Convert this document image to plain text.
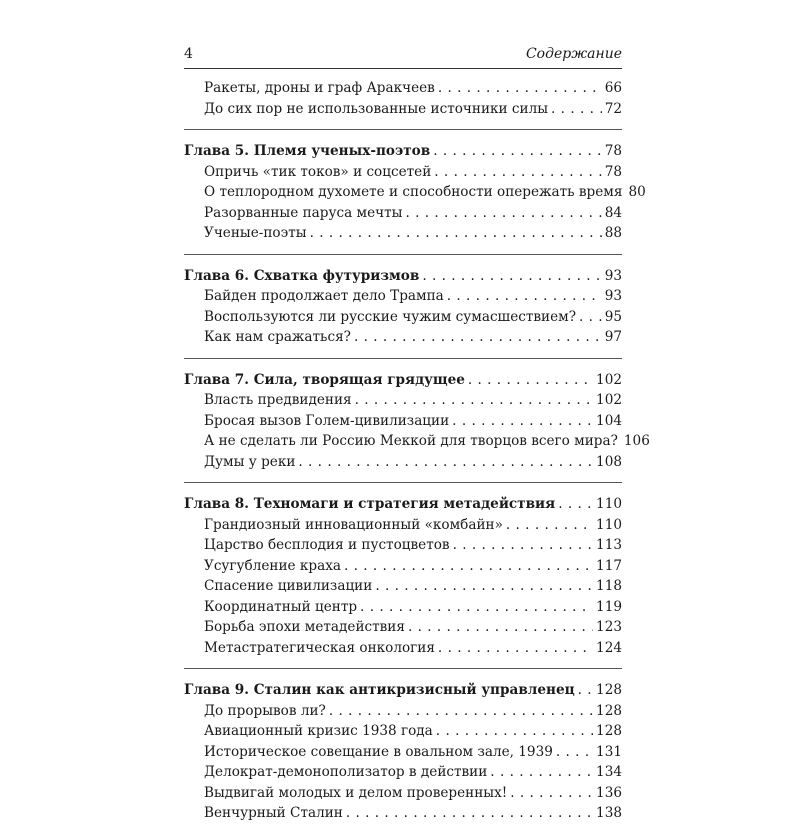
4	Содержание
Ракеты, дроны и граф Аракчеев . . .	66
До сих пор не использованные источники силы . . .	72
Глава 5. Племя ученых-поэтов . . .	78
Опричь «тик токов» и соцсетей . . .	78
О теплородном духомете и способности опережать время 80
Разорванные паруса мечты . . .	84
Ученые-поэты . . .	88
Глава 6. Схватка футуризмов . . .	93
Байден продолжает дело Трампа . . .	93
Воспользуются ли русские чужим сумасшествием? . . . 95
Как нам сражаться? . . .	97
Глава 7. Сила, творящая грядущее . . .	102
Власть предвидения . . .	102
Бросая вызов Голем-цивилизации . . .	104
А не сделать ли Россию Меккой для творцов всего мира? 106
Думы у реки . . .	108
Глава 8. Техномаги и стратегия метадействия . . .	110
Грандиозный инновационный «комбайн» . . .	110
Царство бесплодия и пустоцветов . . .	113
Усугубление краха . . .	117
Спасение цивилизации . . .	118
Координатный центр . . .	119
Борьба эпохи метадействия . . .	123
Метастратегическая онкология . . .	124
Глава 9. Сталин как антикризисный управленец . . . 128
До прорывов ли? . . .	128
Авиационный кризис 1938 года . . .	128
Историческое совещание в овальном зале, 1939 . . .	131
Делократ-демонополизатор в действии . . .	134
Выдвигай молодых и делом проверенных! . . .	136
Венчурный Сталин . . .	138
